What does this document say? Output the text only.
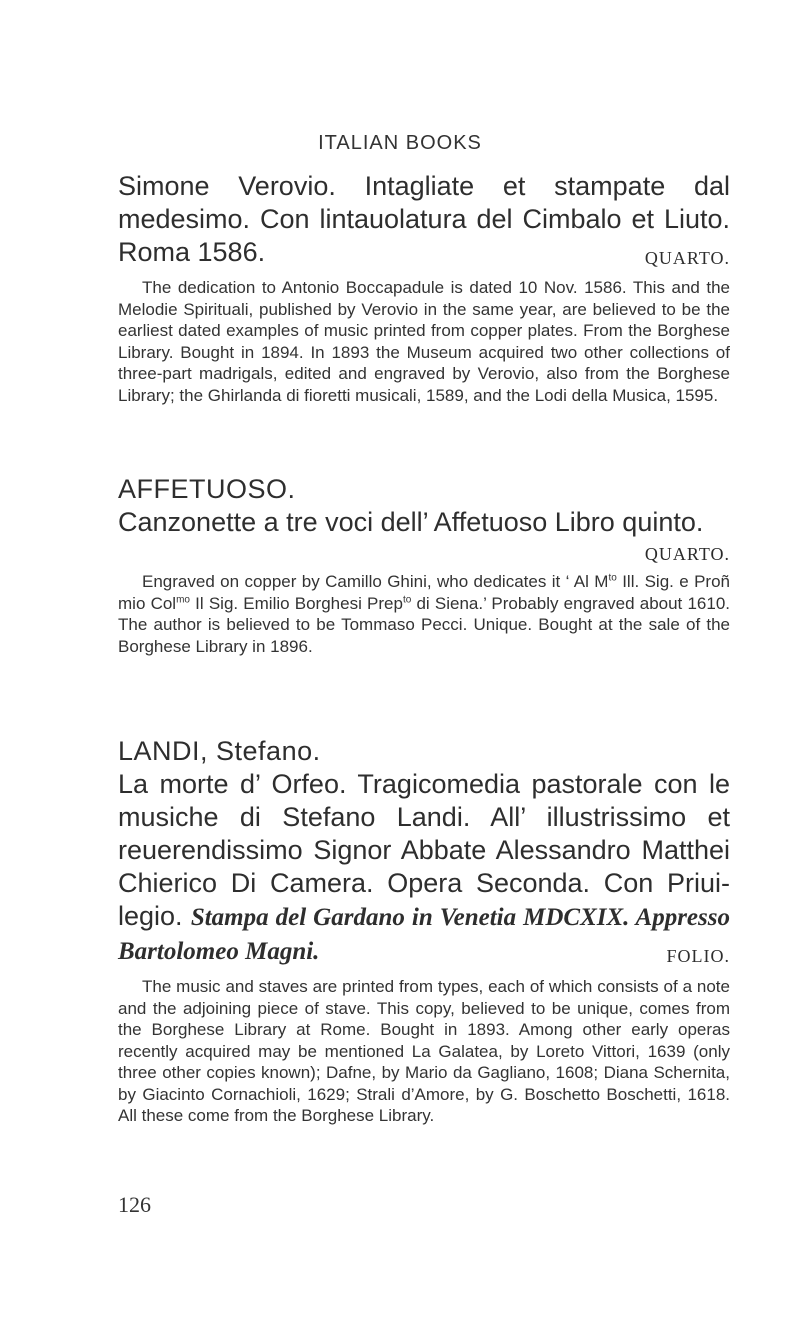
ITALIAN BOOKS

Simone Verovio. Intagliate et stampate dal medesimo. Con lintauolatura del Cimbalo et Liuto. Roma 1586.	QUARTO.

The dedication to Antonio Boccapadule is dated 10 Nov. 1586. This and the Melodie Spirituali, published by Verovio in the same year, are believed to be the earliest dated examples of music printed from copper plates. From the Borghese Library. Bought in 1894. In 1893 the Museum acquired two other collections of three-part madrigals, edited and engraved by Verovio, also from the Borghese Library; the Ghirlanda di fioretti musicali, 1589, and the Lodi della Musica, 1595.

AFFETUOSO.

Canzonette a tre voci dell’ Affetuoso Libro quinto.

QUARTO.

Engraved on copper by Camillo Ghini, who dedicates it ‘ Al $M^{to}$ Ill. Sig. e Proñ mio Col$^{mo}$ Il Sig. Emilio Borghesi Prep$^{to}$ di Siena.’ Probably engraved about 1610. The author is believed to be Tommaso Pecci. Unique. Bought at the sale of the Borghese Library in 1896.

LANDI, Stefano.

La morte d’ Orfeo. Tragicomedia pastorale con le musiche di Stefano Landi. All’ illustrissimo et reuerendissimo Signor Abbate Alessandro Matthei Chierico Di Camera. Opera Seconda. Con Priui-legio. Stampa del Gardano in Venetia MDCXIX. Appresso Bartolomeo Magni.	FOLIO.

The music and staves are printed from types, each of which consists of a note and the adjoining piece of stave. This copy, believed to be unique, comes from the Borghese Library at Rome. Bought in 1893. Among other early operas recently acquired may be mentioned La Galatea, by Loreto Vittori, 1639 (only three other copies known); Dafne, by Mario da Gagliano, 1608; Diana Schernita, by Giacinto Cornachioli, 1629; Strali d’Amore, by G. Boschetto Boschetti, 1618. All these come from the Borghese Library.

126
